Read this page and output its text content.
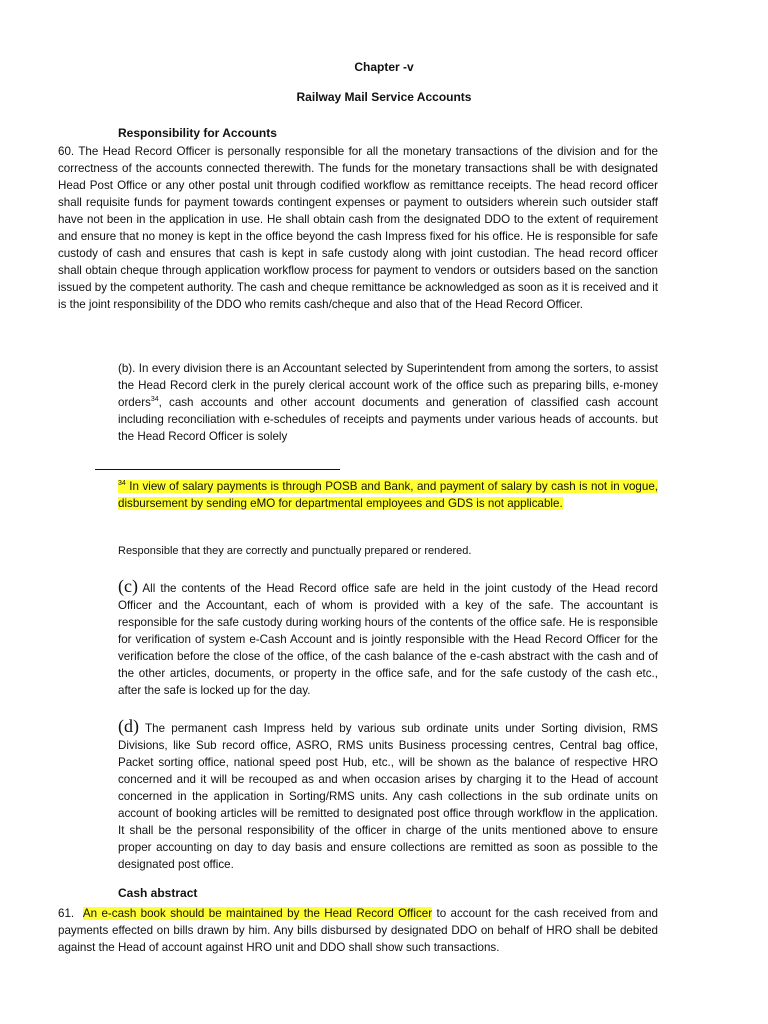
Chapter -v
Railway Mail Service Accounts
Responsibility for Accounts
60. The Head Record Officer is personally responsible for all the monetary transactions of the division and for the correctness of the accounts connected therewith. The funds for the monetary transactions shall be with designated Head Post Office or any other postal unit through codified workflow as remittance receipts. The head record officer shall requisite funds for payment towards contingent expenses or payment to outsiders wherein such outsider staff have not been in the application in use. He shall obtain cash from the designated DDO to the extent of requirement and ensure that no money is kept in the office beyond the cash Impress fixed for his office. He is responsible for safe custody of cash and ensures that cash is kept in safe custody along with joint custodian. The head record officer shall obtain cheque through application workflow process for payment to vendors or outsiders based on the sanction issued by the competent authority. The cash and cheque remittance be acknowledged as soon as it is received and it is the joint responsibility of the DDO who remits cash/cheque and also that of the Head Record Officer.
(b). In every division there is an Accountant selected by Superintendent from among the sorters, to assist the Head Record clerk in the purely clerical account work of the office such as preparing bills, e-money orders$^{34}$, cash accounts and other account documents and generation of classified cash account including reconciliation with e-schedules of receipts and payments under various heads of accounts. but the Head Record Officer is solely
$^{34}$ In view of salary payments is through POSB and Bank, and payment of salary by cash is not in vogue, disbursement by sending eMO for departmental employees and GDS is not applicable.
Responsible that they are correctly and punctually prepared or rendered.
(c) All the contents of the Head Record office safe are held in the joint custody of the Head record Officer and the Accountant, each of whom is provided with a key of the safe. The accountant is responsible for the safe custody during working hours of the contents of the office safe. He is responsible for verification of system e-Cash Account and is jointly responsible with the Head Record Officer for the verification before the close of the office, of the cash balance of the e-cash abstract with the cash and of the other articles, documents, or property in the office safe, and for the safe custody of the cash etc., after the safe is locked up for the day.
(d) The permanent cash Impress held by various sub ordinate units under Sorting division, RMS Divisions, like Sub record office, ASRO, RMS units Business processing centres, Central bag office, Packet sorting office, national speed post Hub, etc., will be shown as the balance of respective HRO concerned and it will be recouped as and when occasion arises by charging it to the Head of account concerned in the application in Sorting/RMS units. Any cash collections in the sub ordinate units on account of booking articles will be remitted to designated post office through workflow in the application. It shall be the personal responsibility of the officer in charge of the units mentioned above to ensure proper accounting on day to day basis and ensure collections are remitted as soon as possible to the designated post office.
Cash abstract
61. An e-cash book should be maintained by the Head Record Officer to account for the cash received from and payments effected on bills drawn by him. Any bills disbursed by designated DDO on behalf of HRO shall be debited against the Head of account against HRO unit and DDO shall show such transactions.
